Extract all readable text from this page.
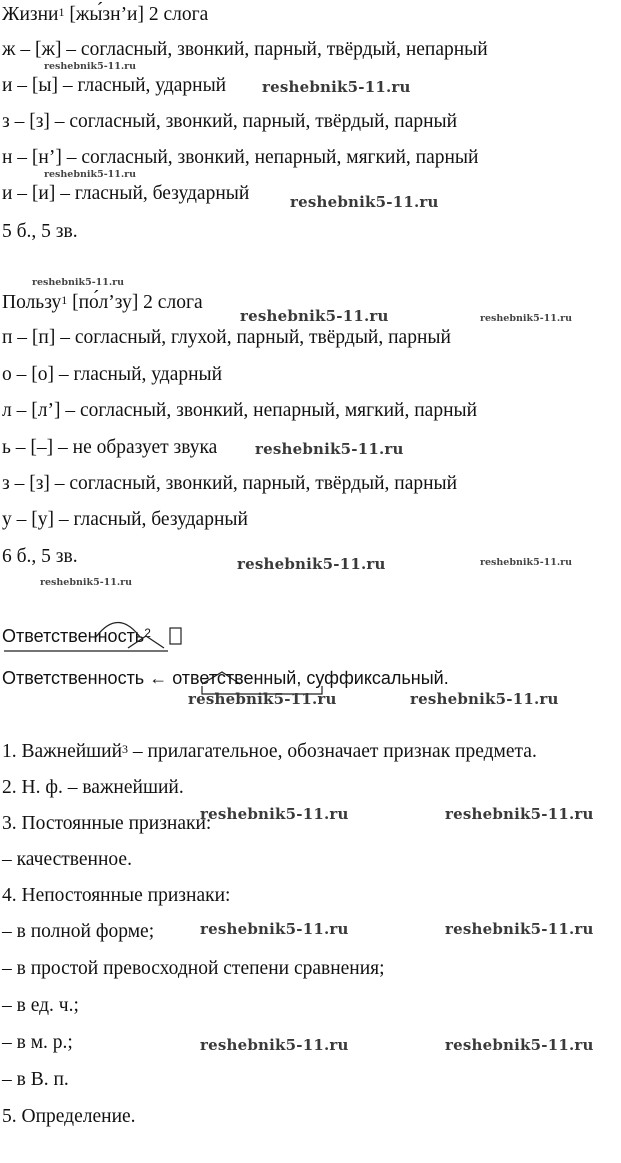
Жизни$^1$ [жы́зн’и] 2 слога
ж – [ж] – согласный, звонкий, парный, твёрдый, непарный
и – [ы] – гласный, ударный
з – [з] – согласный, звонкий, парный, твёрдый, парный
н – [н’] – согласный, звонкий, непарный, мягкий, парный
и – [и] – гласный, безударный
5 б., 5 зв.
Пользу$^1$ [по́л’зу] 2 слога
п – [п] – согласный, глухой, парный, твёрдый, парный
о – [о] – гласный, ударный
л – [л’] – согласный, звонкий, непарный, мягкий, парный
ь – [–] – не образует звука
з – [з] – согласный, звонкий, парный, твёрдый, парный
у – [у] – гласный, безударный
6 б., 5 зв.
Ответственность$^2$
Ответственность ← ответственный, суффиксальный.
1. Важнейший$^3$ – прилагательное, обозначает признак предмета.
2. Н. ф. – важнейший.
3. Постоянные признаки:
– качественное.
4. Непостоянные признаки:
– в полной форме;
– в простой превосходной степени сравнения;
– в ед. ч.;
– в м. р.;
– в В. п.
5. Определение.
reshebnik5-11.ru
reshebnik5-11.ru
reshebnik5-11.ru
reshebnik5-11.ru
reshebnik5-11.ru
reshebnik5-11.ru	reshebnik5-11.ru
reshebnik5-11.ru
reshebnik5-11.ru	reshebnik5-11.ru
reshebnik5-11.ru
reshebnik5-11.ru	reshebnik5-11.ru
reshebnik5-11.ru	reshebnik5-11.ru
reshebnik5-11.ru	reshebnik5-11.ru
reshebnik5-11.ru	reshebnik5-11.ru
